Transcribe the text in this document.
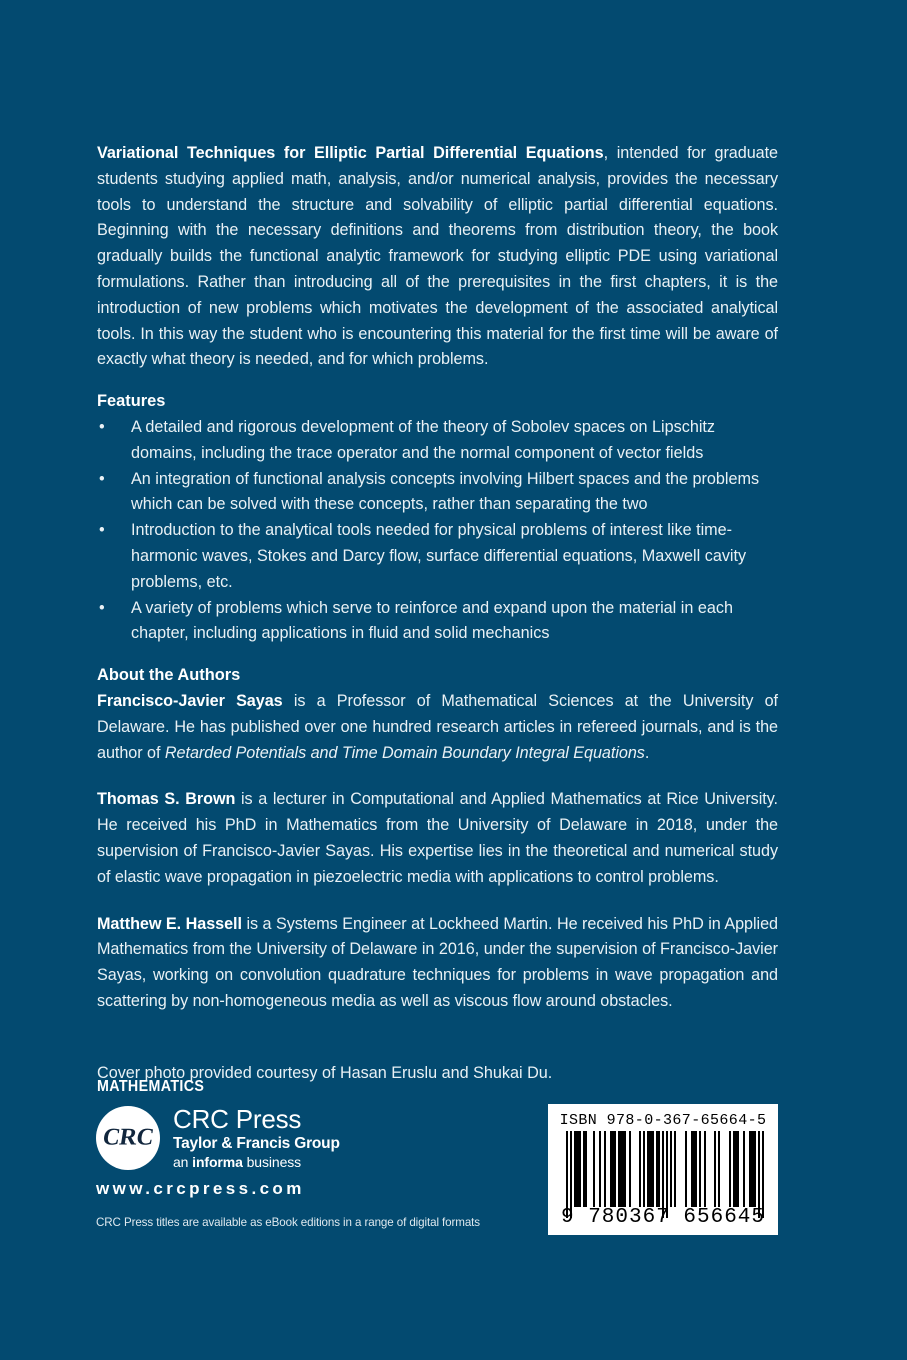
Variational Techniques for Elliptic Partial Differential Equations, intended for graduate students studying applied math, analysis, and/or numerical analysis, provides the necessary tools to understand the structure and solvability of elliptic partial differential equations. Beginning with the necessary definitions and theorems from distribution theory, the book gradually builds the functional analytic framework for studying elliptic PDE using variational formulations. Rather than introducing all of the prerequisites in the first chapters, it is the introduction of new problems which motivates the development of the associated analytical tools. In this way the student who is encountering this material for the first time will be aware of exactly what theory is needed, and for which problems.

Features
• A detailed and rigorous development of the theory of Sobolev spaces on Lipschitz domains, including the trace operator and the normal component of vector fields
• An integration of functional analysis concepts involving Hilbert spaces and the problems which can be solved with these concepts, rather than separating the two
• Introduction to the analytical tools needed for physical problems of interest like time-harmonic waves, Stokes and Darcy flow, surface differential equations, Maxwell cavity problems, etc.
• A variety of problems which serve to reinforce and expand upon the material in each chapter, including applications in fluid and solid mechanics
About the Authors

Francisco-Javier Sayas is a Professor of Mathematical Sciences at the University of Delaware. He has published over one hundred research articles in refereed journals, and is the author of Retarded Potentials and Time Domain Boundary Integral Equations.

Thomas S. Brown is a lecturer in Computational and Applied Mathematics at Rice University. He received his PhD in Mathematics from the University of Delaware in 2018, under the supervision of Francisco-Javier Sayas. His expertise lies in the theoretical and numerical study of elastic wave propagation in piezoelectric media with applications to control problems.

Matthew E. Hassell is a Systems Engineer at Lockheed Martin. He received his PhD in Applied Mathematics from the University of Delaware in 2016, under the supervision of Francisco-Javier Sayas, working on convolution quadrature techniques for problems in wave propagation and scattering by non-homogeneous media as well as viscous flow around obstacles.

Cover photo provided courtesy of Hasan Eruslu and Shukai Du.

MATHEMATICS
CRC
CRC Press
Taylor & Francis Group
an informa business
www.crcpress.com
CRC Press titles are available as eBook editions in a range of digital formats
ISBN 978-0-367-65664-5
9 780367 656645
